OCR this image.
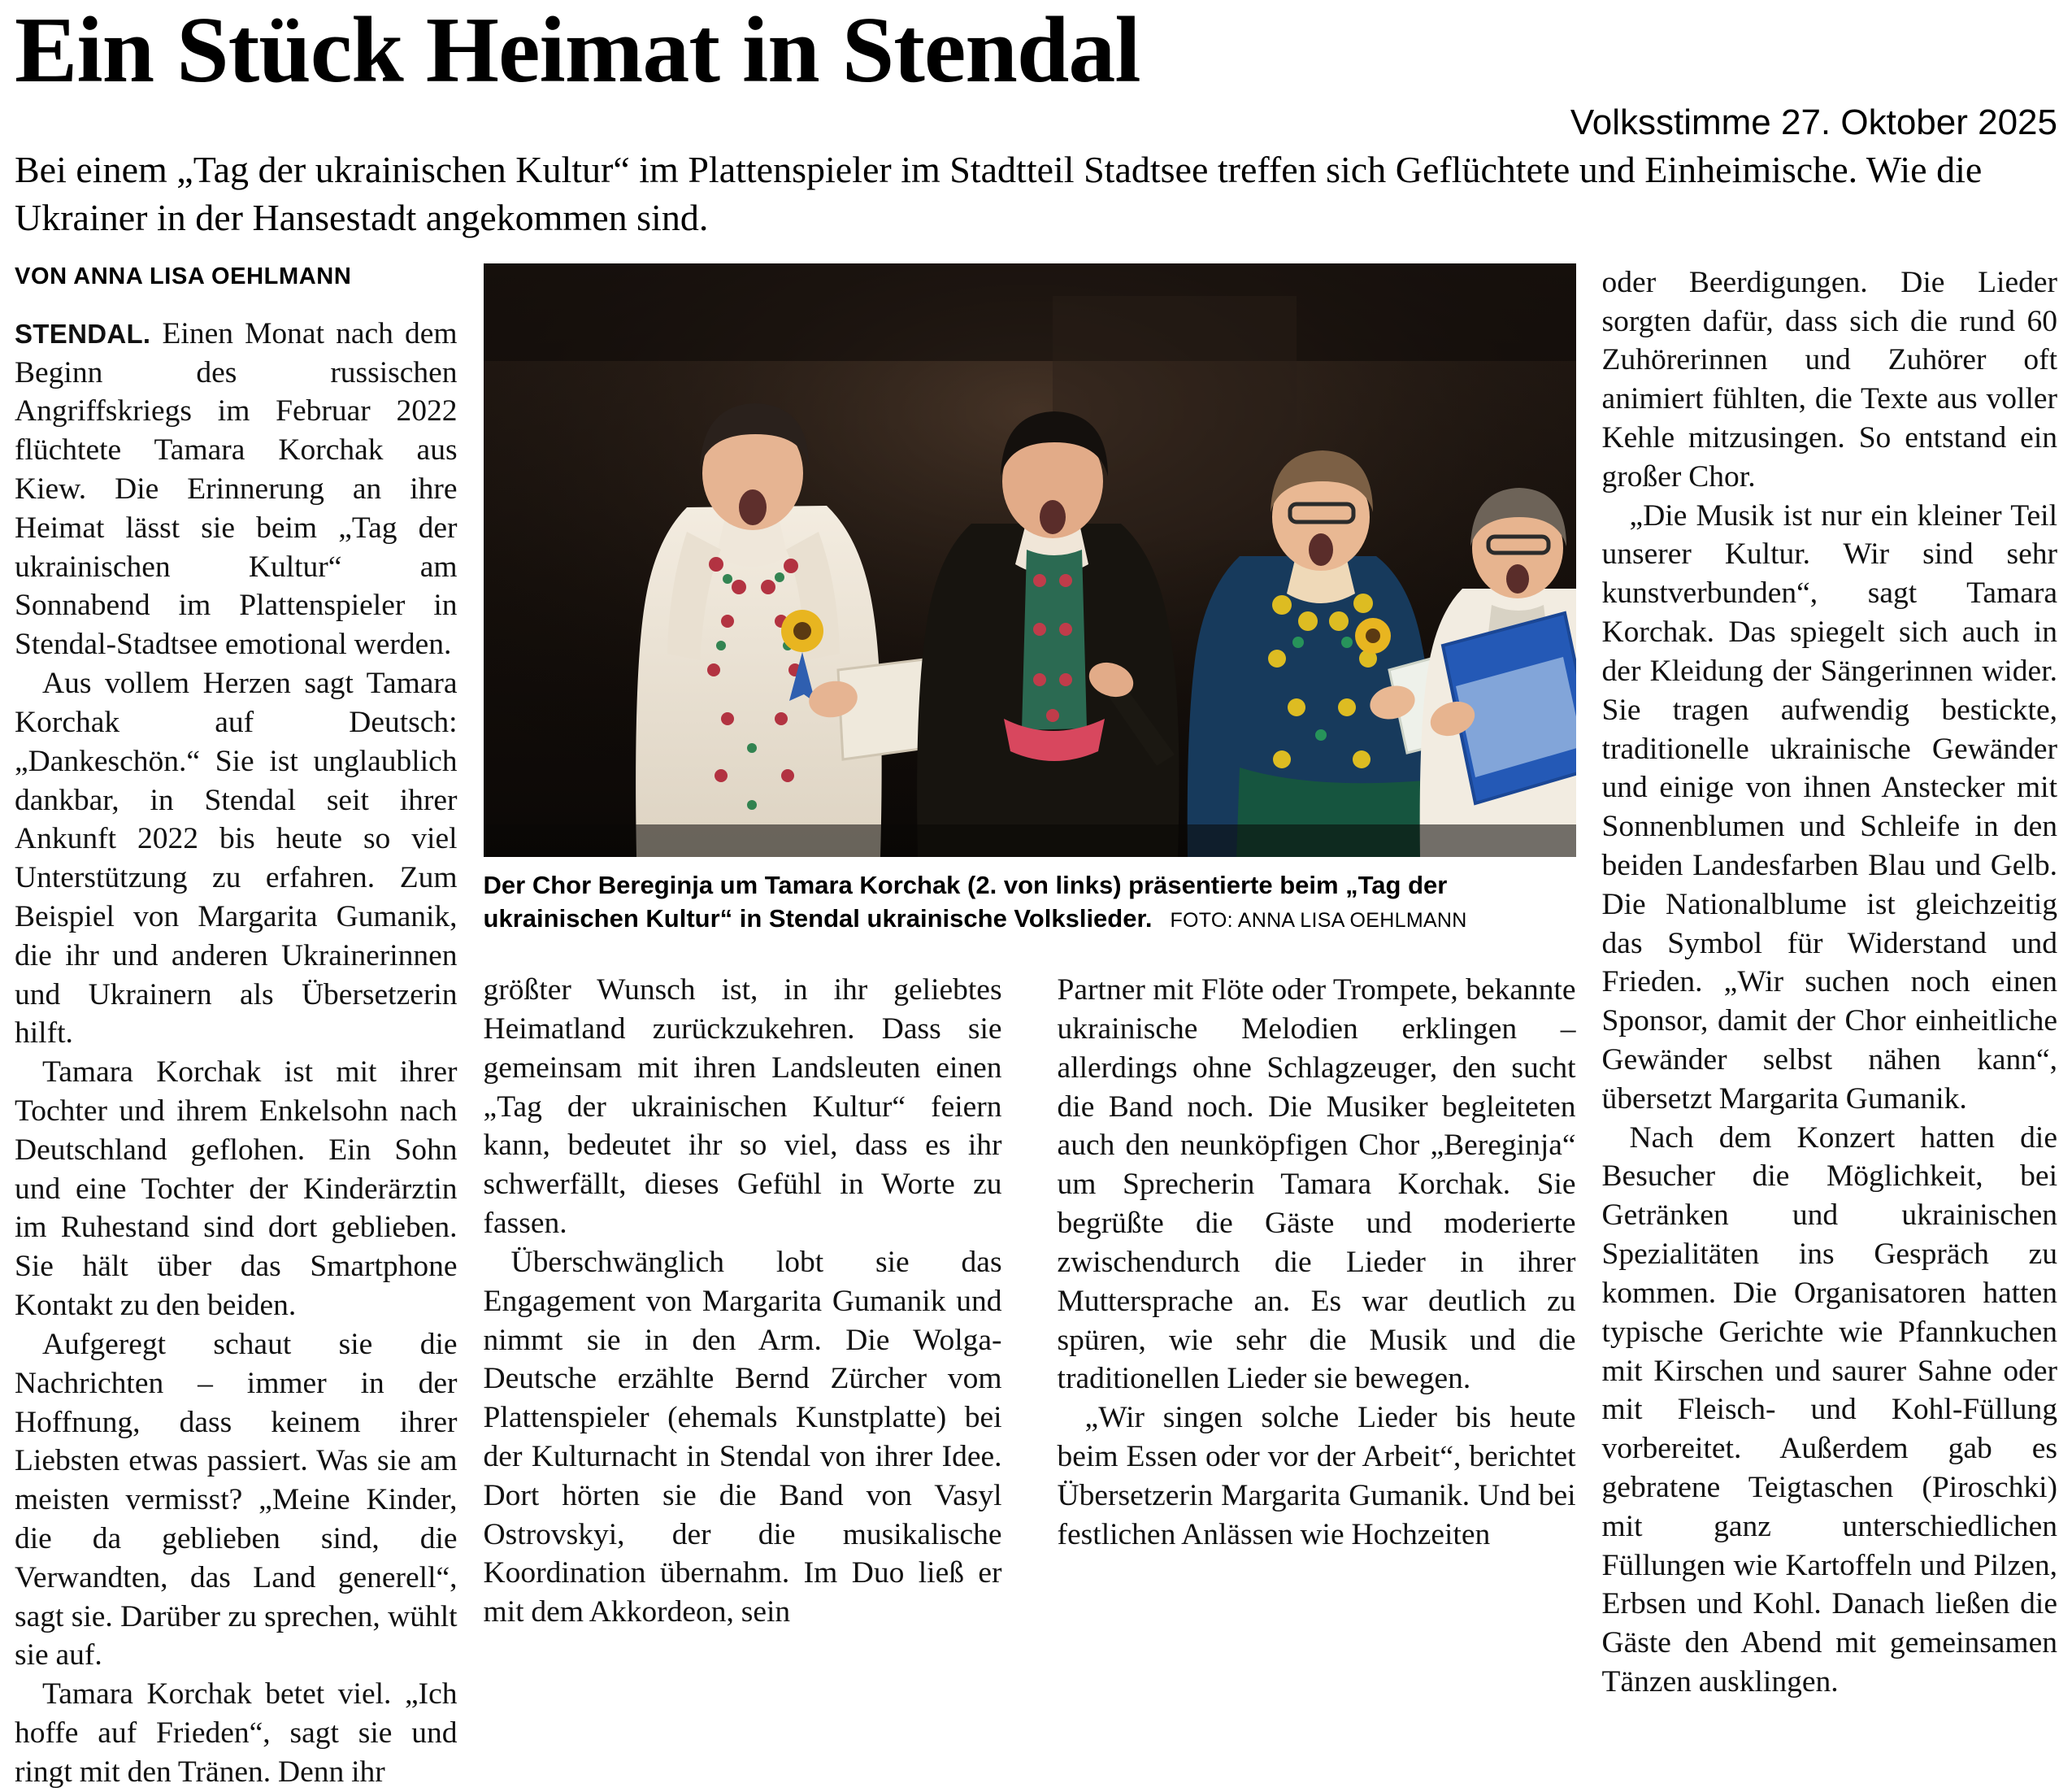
Ein Stück Heimat in Stendal
Volksstimme 27. Oktober 2025

Bei einem „Tag der ukrainischen Kultur“ im Plattenspieler im Stadtteil Stadtsee treffen sich Geflüchtete und Einheimische. Wie die Ukrainer in der Hansestadt angekommen sind.

VON ANNA LISA OEHLMANN

STENDAL. Einen Monat nach dem Beginn des russischen Angriffskriegs im Februar 2022 flüchtete Tamara Korchak aus Kiew. Die Erinnerung an ihre Heimat lässt sie beim „Tag der ukrainischen Kultur“ am Sonnabend im Plattenspieler in Stendal-Stadtsee emotional werden.

Aus vollem Herzen sagt Tamara Korchak auf Deutsch: „Dankeschön.“ Sie ist unglaublich dankbar, in Stendal seit ihrer Ankunft 2022 bis heute so viel Unterstützung zu erfahren. Zum Beispiel von Margarita Gumanik, die ihr und anderen Ukrainerinnen und Ukrainern als Übersetzerin hilft.

Tamara Korchak ist mit ihrer Tochter und ihrem Enkelsohn nach Deutschland geflohen. Ein Sohn und eine Tochter der Kinderärztin im Ruhestand sind dort geblieben. Sie hält über das Smartphone Kontakt zu den beiden.

Aufgeregt schaut sie die Nachrichten – immer in der Hoffnung, dass keinem ihrer Liebsten etwas passiert. Was sie am meisten vermisst? „Meine Kinder, die da geblieben sind, die Verwandten, das Land generell“, sagt sie. Darüber zu sprechen, wühlt sie auf.

Tamara Korchak betet viel. „Ich hoffe auf Frieden“, sagt sie und ringt mit den Tränen. Denn ihr

Der Chor Bereginja um Tamara Korchak (2. von links) präsentierte beim „Tag der ukrainischen Kultur“ in Stendal ukrainische Volkslieder. FOTO: ANNA LISA OEHLMANN

größter Wunsch ist, in ihr geliebtes Heimatland zurückzukehren. Dass sie gemeinsam mit ihren Landsleuten einen „Tag der ukrainischen Kultur“ feiern kann, bedeutet ihr so viel, dass es ihr schwerfällt, dieses Gefühl in Worte zu fassen.

Überschwänglich lobt sie das Engagement von Margarita Gumanik und nimmt sie in den Arm. Die Wolga-Deutsche erzählte Bernd Zürcher vom Plattenspieler (ehemals Kunstplatte) bei der Kulturnacht in Stendal von ihrer Idee. Dort hörten sie die Band von Vasyl Ostrovskyi, der die musikalische Koordination übernahm. Im Duo ließ er mit dem Akkordeon, sein

Partner mit Flöte oder Trompete, bekannte ukrainische Melodien erklingen – allerdings ohne Schlagzeuger, den sucht die Band noch. Die Musiker begleiteten auch den neunköpfigen Chor „Bereginja“ um Sprecherin Tamara Korchak. Sie begrüßte die Gäste und moderierte zwischendurch die Lieder in ihrer Muttersprache an. Es war deutlich zu spüren, wie sehr die Musik und die traditionellen Lieder sie bewegen.

„Wir singen solche Lieder bis heute beim Essen oder vor der Arbeit“, berichtet Übersetzerin Margarita Gumanik. Und bei festlichen Anlässen wie Hochzeiten

oder Beerdigungen. Die Lieder sorgten dafür, dass sich die rund 60 Zuhörerinnen und Zuhörer oft animiert fühlten, die Texte aus voller Kehle mitzusingen. So entstand ein großer Chor.

„Die Musik ist nur ein kleiner Teil unserer Kultur. Wir sind sehr kunstverbunden“, sagt Tamara Korchak. Das spiegelt sich auch in der Kleidung der Sängerinnen wider. Sie tragen aufwendig bestickte, traditionelle ukrainische Gewänder und einige von ihnen Anstecker mit Sonnenblumen und Schleife in den beiden Landesfarben Blau und Gelb. Die Nationalblume ist gleichzeitig das Symbol für Widerstand und Frieden. „Wir suchen noch einen Sponsor, damit der Chor einheitliche Gewänder selbst nähen kann“, übersetzt Margarita Gumanik.

Nach dem Konzert hatten die Besucher die Möglichkeit, bei Getränken und ukrainischen Spezialitäten ins Gespräch zu kommen. Die Organisatoren hatten typische Gerichte wie Pfannkuchen mit Kirschen und saurer Sahne oder mit Fleisch- und Kohl-Füllung vorbereitet. Außerdem gab es gebratene Teigtaschen (Piroschki) mit ganz unterschiedlichen Füllungen wie Kartoffeln und Pilzen, Erbsen und Kohl. Danach ließen die Gäste den Abend mit gemeinsamen Tänzen ausklingen.
